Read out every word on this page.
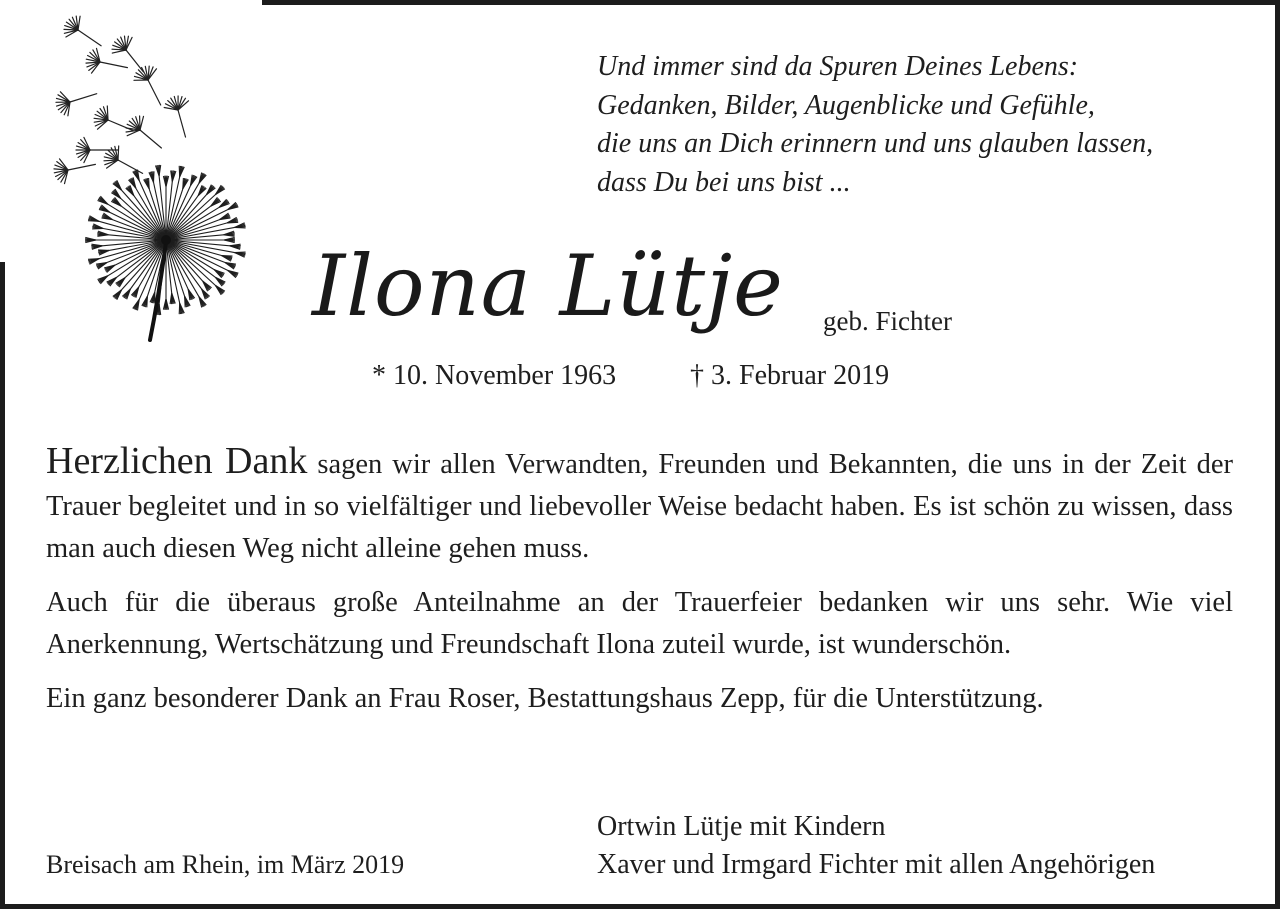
Und immer sind da Spuren Deines Lebens:
Gedanken, Bilder, Augenblicke und Gefühle,
die uns an Dich erinnern und uns glauben lassen,
dass Du bei uns bist ...
Ilona Lütje geb. Fichter
* 10. November 1963	† 3. Februar 2019

Herzlichen Dank sagen wir allen Verwandten, Freunden und Bekannten, die uns in der Zeit der Trauer begleitet und in so vielfältiger und liebevoller Weise bedacht haben. Es ist schön zu wissen, dass man auch diesen Weg nicht alleine gehen muss.

Auch für die überaus große Anteilnahme an der Trauerfeier bedanken wir uns sehr. Wie viel Anerkennung, Wertschätzung und Freundschaft Ilona zuteil wurde, ist wunderschön.

Ein ganz besonderer Dank an Frau Roser, Bestattungshaus Zepp, für die Unterstützung.

Breisach am Rhein, im März 2019
Ortwin Lütje mit Kindern
Xaver und Irmgard Fichter mit allen Angehörigen
